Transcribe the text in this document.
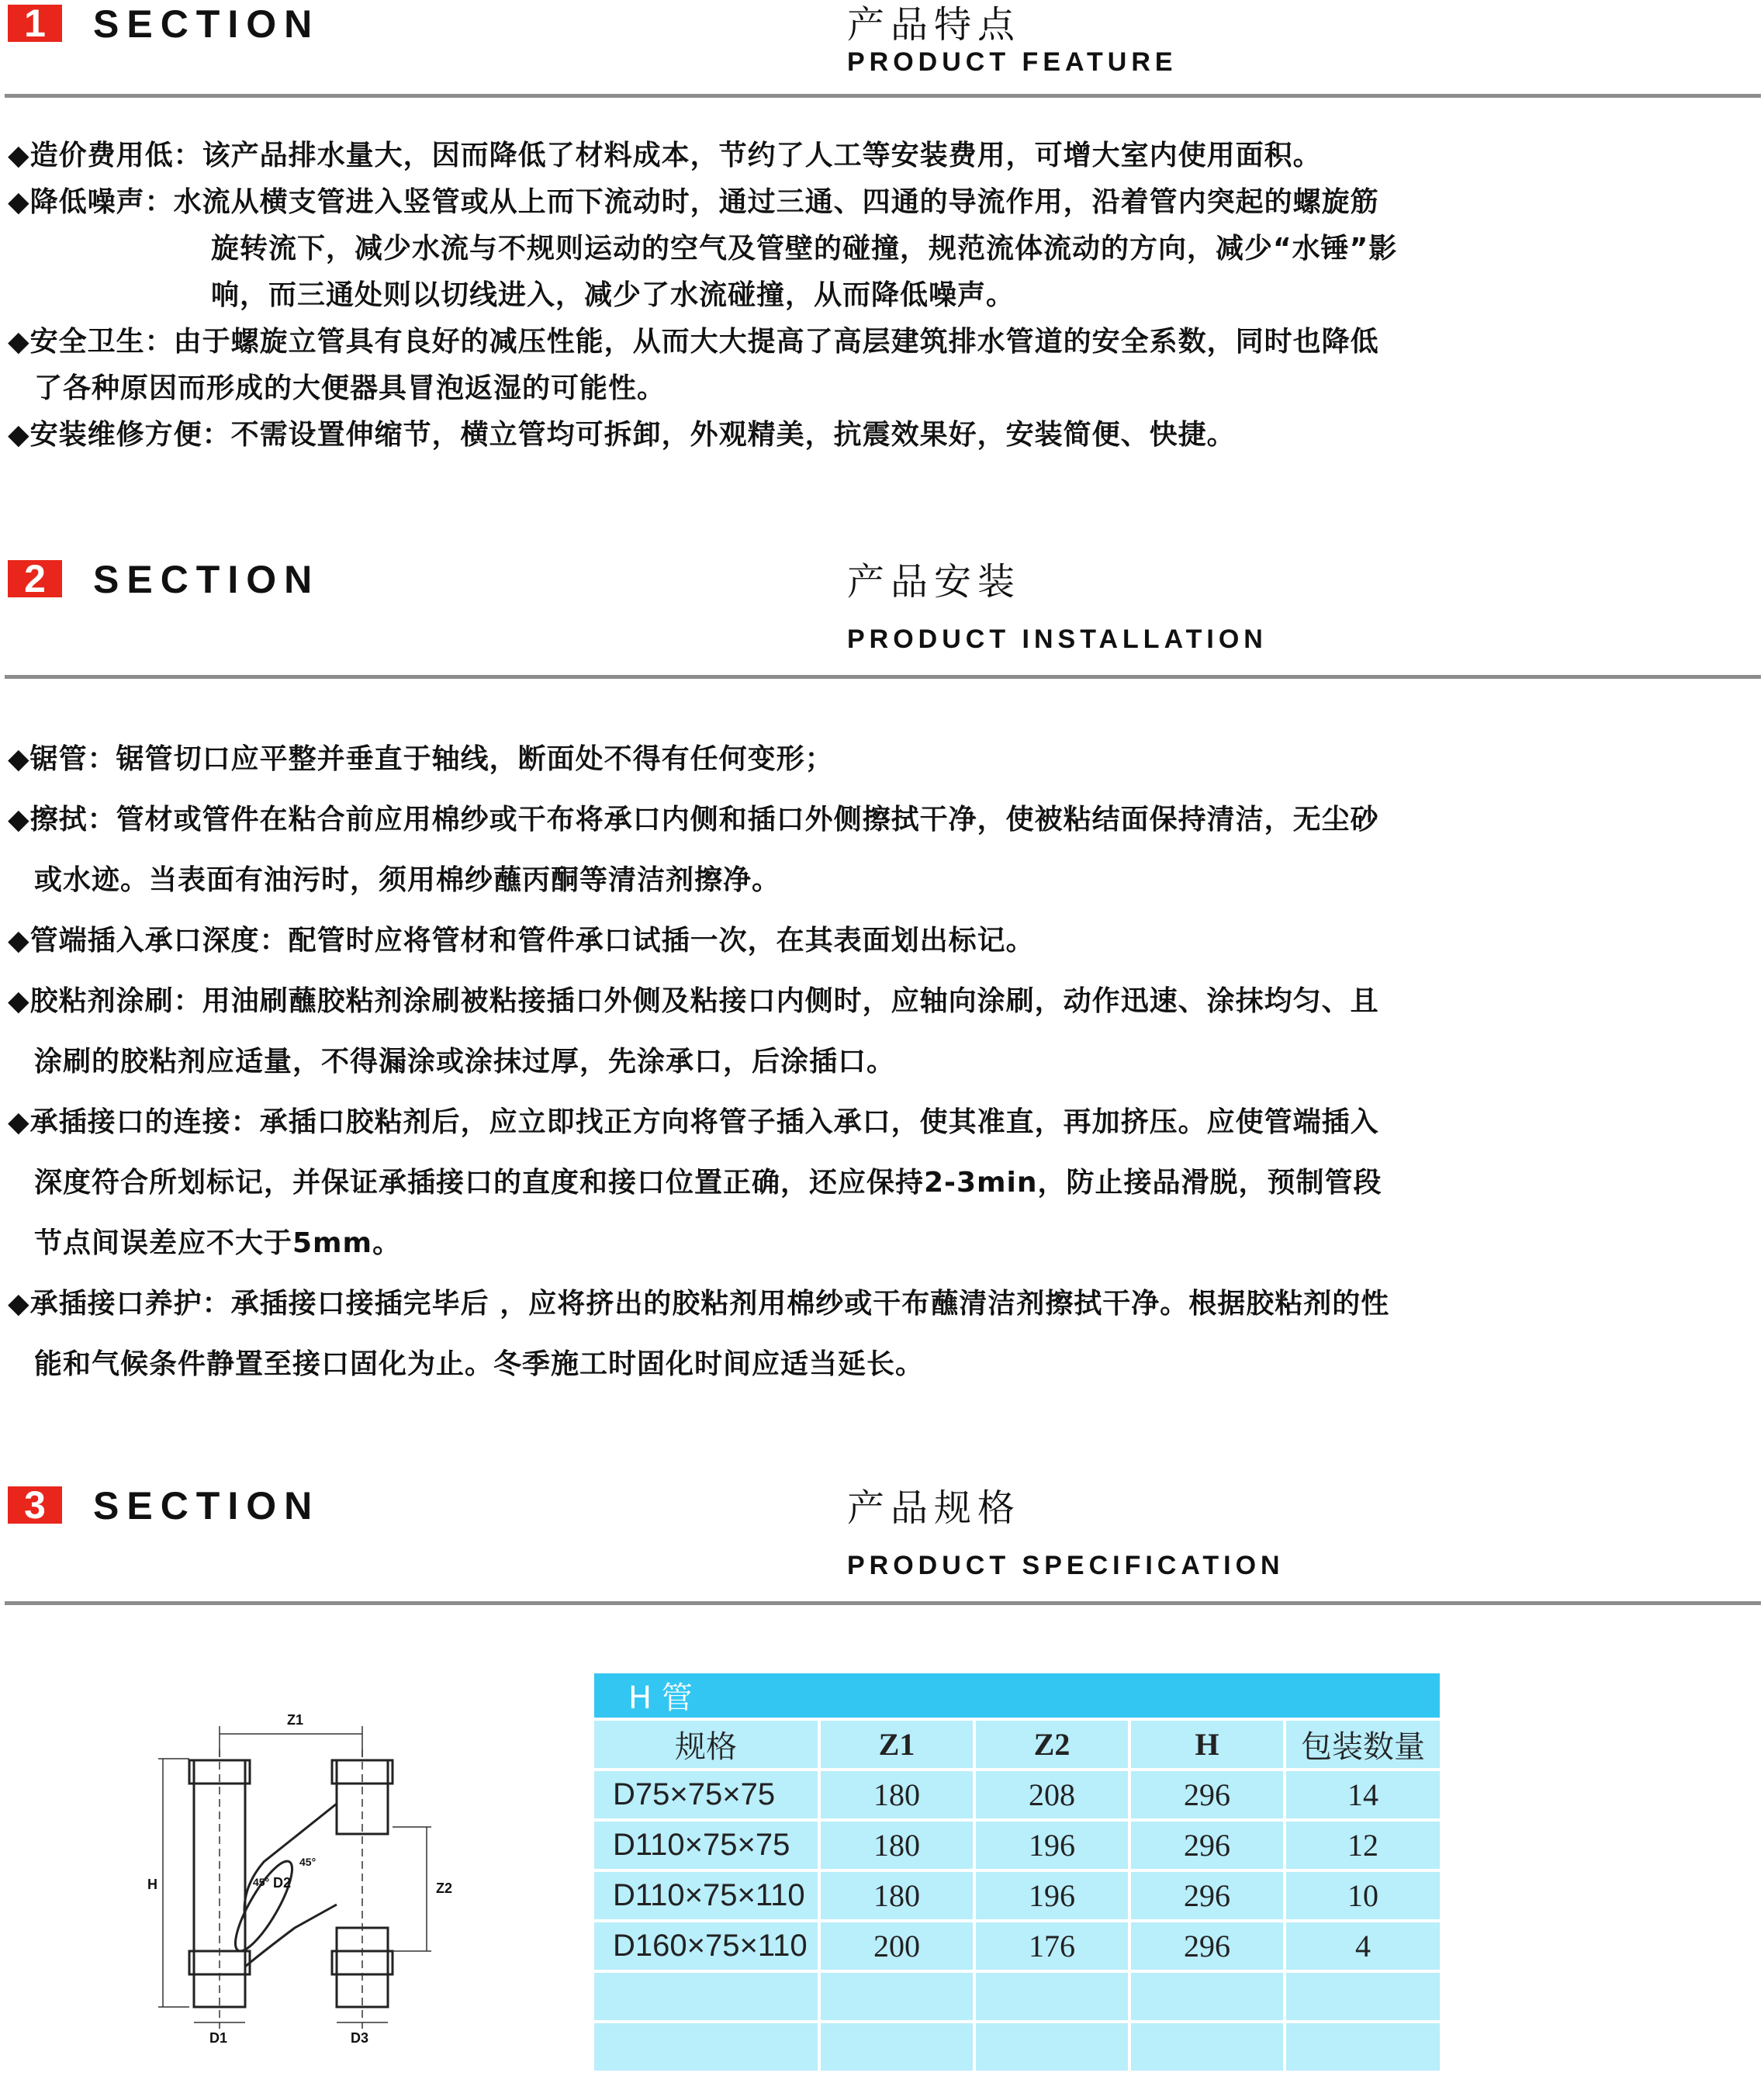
1	SECTION	产品特点
PRODUCT FEATURE
◆造价费用低：该产品排水量大，因而降低了材料成本，节约了人工等安装费用，可增大室内使用面积。
◆降低噪声：水流从横支管进入竖管或从上而下流动时，通过三通、四通的导流作用，沿着管内突起的螺旋筋
旋转流下，减少水流与不规则运动的空气及管壁的碰撞，规范流体流动的方向，减少“水锤”影
响，而三通处则以切线进入，减少了水流碰撞，从而降低噪声。
◆安全卫生：由于螺旋立管具有良好的减压性能，从而大大提高了高层建筑排水管道的安全系数，同时也降低
了各种原因而形成的大便器具冒泡返湿的可能性。
◆安装维修方便：不需设置伸缩节，横立管均可拆卸，外观精美，抗震效果好，安装简便、快捷。
2	SECTION	产品安装
PRODUCT INSTALLATION
◆锯管：锯管切口应平整并垂直于轴线，断面处不得有任何变形；
◆擦拭：管材或管件在粘合前应用棉纱或干布将承口内侧和插口外侧擦拭干净，使被粘结面保持清洁，无尘砂
或水迹。当表面有油污时，须用棉纱蘸丙酮等清洁剂擦净。
◆管端插入承口深度：配管时应将管材和管件承口试插一次，在其表面划出标记。
◆胶粘剂涂刷：用油刷蘸胶粘剂涂刷被粘接插口外侧及粘接口内侧时，应轴向涂刷，动作迅速、涂抹均匀、且
涂刷的胶粘剂应适量，不得漏涂或涂抹过厚，先涂承口，后涂插口。
◆承插接口的连接：承插口胶粘剂后，应立即找正方向将管子插入承口，使其准直，再加挤压。应使管端插入
深度符合所划标记，并保证承插接口的直度和接口位置正确，还应保持2-3min，防止接品滑脱，预制管段
节点间误差应不大于5mm。
◆承插接口养护：承插接口接插完毕后 ，应将挤出的胶粘剂用棉纱或干布蘸清洁剂擦拭干净。根据胶粘剂的性
能和气候条件静置至接口固化为止。冬季施工时固化时间应适当延长。
3	SECTION	产品规格
PRODUCT SPECIFICATION
Z1
H	Z2
D1
D2
D3
45°
45°
H 管				
规格	Z1	Z2	H	包装数量
D75×75×75	180	208	296	14
D110×75×75	180	196	296	12
D110×75×110	180	196	296	10
D160×75×110	200	176	296	4
